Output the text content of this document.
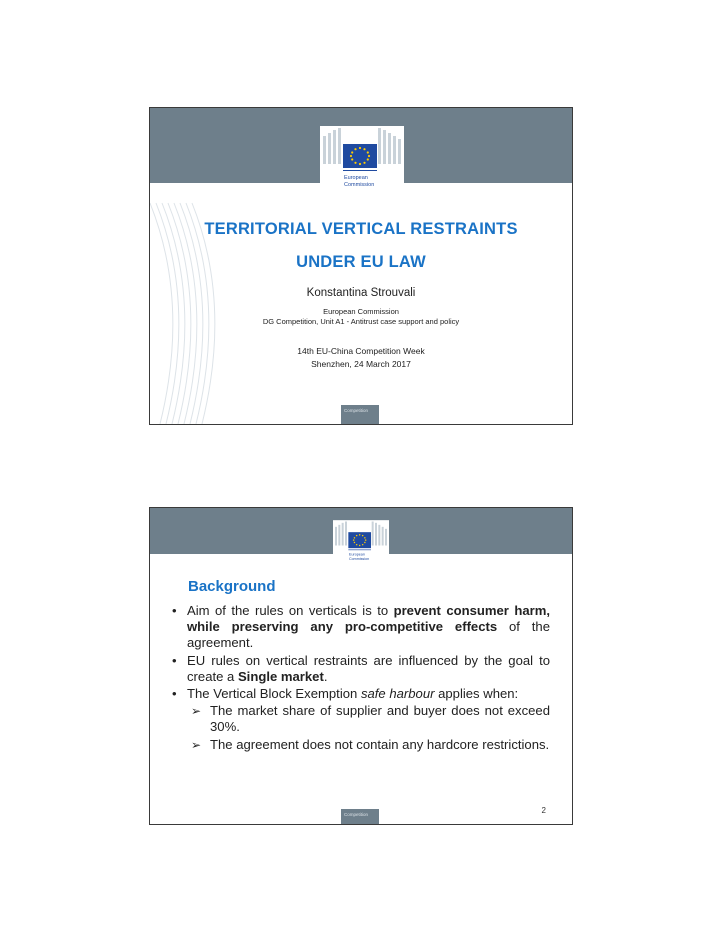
European
Commission
TERRITORIAL VERTICAL RESTRAINTS
UNDER EU LAW
Konstantina Strouvali
European Commission
DG Competition, Unit A1 - Antitrust case support and policy
14th EU-China Competition Week
Shenzhen, 24 March 2017
Competition
European
Commission
Background
• Aim of the rules on verticals is to prevent consumer harm, while preserving any pro-competitive effects of the agreement.
• EU rules on vertical restraints are influenced by the goal to create a Single market.
• The Vertical Block Exemption safe harbour applies when:
➢ The market share of supplier and buyer does not exceed 30%.
➢ The agreement does not contain any hardcore restrictions.
2
Competition
